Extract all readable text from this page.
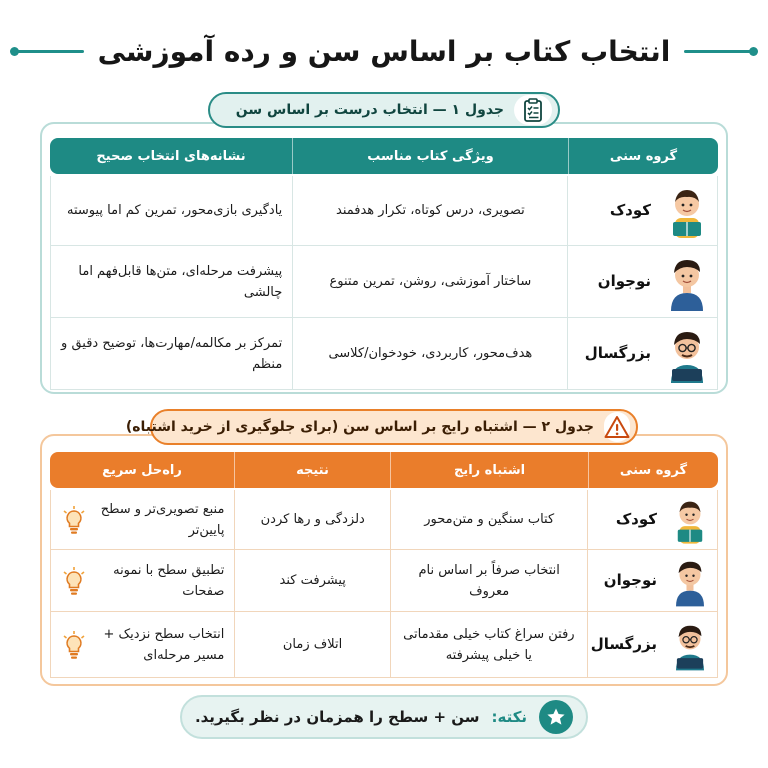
انتخاب کتاب بر اساس سن و رده آموزشی
جدول ۱ — انتخاب درست بر اساس سن
گروه سنی
ویژگی کتاب مناسب
نشانه‌های انتخاب صحیح
کودک
تصویری، درس کوتاه، تکرار هدفمند
یادگیری بازی‌محور، تمرین کم اما پیوسته
نوجوان
ساختار آموزشی، روشن، تمرین متنوع
پیشرفت مرحله‌ای، متن‌ها قابل‌فهم اما چالشی
بزرگسال
هدف‌محور، کاربردی، خودخوان/کلاسی
تمرکز بر مکالمه/مهارت‌ها، توضیح دقیق و منظم
جدول ۲ — اشتباه رایج بر اساس سن (برای جلوگیری از خرید اشتباه)
گروه سنی
اشتباه رایج
نتیجه
راه‌حل سریع
کودک
کتاب سنگین و متن‌محور
دلزدگی و رها کردن
منبع تصویری‌تر و سطح پایین‌تر
نوجوان
انتخاب صرفاً بر اساس نام معروف
پیشرفت کند
تطبیق سطح با نمونه صفحات
بزرگسال
رفتن سراغ کتاب خیلی مقدماتی یا خیلی پیشرفته
اتلاف زمان
انتخاب سطح نزدیک + مسیر مرحله‌ای
نکته:
سن + سطح را همزمان در نظر بگیرید.
